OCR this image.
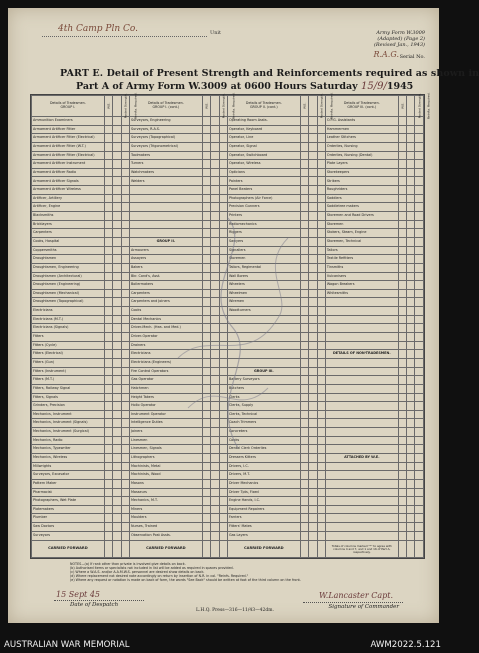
4th Camp Pln Co.	Unit	Army Form W.3009
(Adapted) (Page 2)
(Revised Jan., 1943)
R.A.G. Serial No.
PART E. Detail of Present Strength and Reinforcements required as shown in
Part A of Army Form W.3009 at 0600 Hours Saturday 15/9/1945
Details of Tradesmen.
GROUP I.	W.E.	Posted Strength.	Reinfts. Required.	Details of Tradesmen.
GROUP I. (cont.)	W.E.	Posted Strength.	Reinfts. Required.	Details of Tradesmen.
GROUP II. (cont.)	W.E.	Posted Strength.	Reinfts. Required.	Details of Tradesmen.
GROUP III. (cont.)	W.E.	Posted Strength.	Reinfts. Required.
Ammunition Examiners				Surveyors, Engineering				Operating Room Assts.				O.P.G. Assistants			
Armament Artificer Fitter				Surveyors, R.A.S.				Operator, Keyboard				Hammermen			
Armament Artificer Fitter (Electrical)				Surveyors (Topographical)				Operator, Line				Leather Stitchers			
Armament Artificer Fitter (W.T.)				Surveyors (Trigonometrical)				Operator, Signal				Orderlies, Nursing			
Armament Artificer Fitter (Electrical)				Toolmakers				Operator, Switchboard				Orderlies, Nursing (Dental)			
Armament Artificer Instrument				Turners				Operator, Wireless				Plate Layers			
Armament Artificer Radio				Watchmakers				Opticians				Storekeepers			
Armament Artificer Signals				Welders				Painters				Strikers			
Armament Artificer Wireless								Panel Beaters				Roughriders			
Artificer, Artillery								Photographers (Air Force)				Saddlers			
Artificer, Engine								Precision Gunners				Saddletree makers			
Blacksmiths								Printers				Storemen and Road Drivers			
Bricklayers								Radiomechanics				Storemen			
Carpenters								Riggers				Stokers, Steam, Engine			
Cooks, Hospital				GROUP II.				Sawyers				Storemen, Technical			
Coppersmiths				Armourers				Signallers				Tailors			
Draughtsmen				Assayers				Storemen				Textile Refitters			
Draughtsmen, Engineering				Bakers				Tailors, Regimental				Tinsmiths			
Draughtsmen (Architectural)				Bkr. Cond's, Asst.				Wall Borers				Vulcanisers			
Draughtsmen (Engineering)				Boilermakers				Wheelers				Wagon Breakers			
Draughtsmen (Mechanical)				Carpenters				Wheelmen				Whitesmiths			
Draughtsmen (Topographical)				Carpenters and Joiners				Wiremen							
Electricians				Cooks				Woodturners							
Electricians (M.T.)				Dental Mechanics											
Electricians (Signals)				Driver-Mech. (Hea. and Med.)											
Fitters				Driver-Operator											
Fitters (Cycle)				Drainers											
Fitters (Electrical)				Electricians								DETAILS OF NON-TRADESMEN.			
Fitters (Gun)				Electricians (Engineers)											
Fitters (Instrument)				Fire Control Operators				GROUP III.							
Fitters (M.T.)				Gas Operator				Battery Surveyors							
Fitters, Railway Signal				Hatchmen				Butchers							
Fitters, Signals				Height Takers				Clerks							
Grinders, Precision				Hollo Operator				Clerks, Supply							
Mechanics, Instrument				Instrument Operator				Clerks, Technical							
Mechanics, Instrument (Signals)				Intelligence Duties				Coach Trimmers							
Mechanics, Instrument (Surgical)				Joiners				Concreters							
Mechanics, Radio				Linesmen				Cooks							
Mechanics, Typewriter				Linesmen, Signals				Dental Clerk Orderlies							
Mechanics, Wireless				Lithographers				Dressers Kitters				ATTACHED BY W.E.			
Millwrights				Machinists, Metal				Drivers, I.C.							
Surveyors, Excavator				Machinists, Wood				Drivers, M.T.							
Pattern Maker				Masons				Driver Mechanics							
Pharmacist				Masseurs				Driver Tpts, Fixed							
Photographers, Wet Plate				Mechanics, M.T.				Engine Hands, I.C.							
Platemakers				Miners				Equipment Repairers							
Plumber				Moulders				Farriers							
Saw Doctors				Nurses, Trained				Fitters' Mates							
Surveyors				Observation Post Assts.				Gas Layers							
CARRIED FORWARD				CARRIED FORWARD				CARRIED FORWARD				Totals of columns marked "*" to agree with columns 4 and 7, and 1 and 16 of Part A, respectively.			
NOTES—(a) If rank other than private is involved give details on back.
(b) Authorised items or specialists not included in list will be added as required in spaces provided.
(c) Where a W.A.S. and/or A.A.M.W.S. personnel are desired show details on back.
(d) Where replacement not desired note accordingly on return by insertion of N.R. in col. "Reinfs. Required."
(e) Where any request or notation is made on back of form, the words "See Back" should be written at foot of the third column on the front.
15 Sept 45
Date of Despatch
L.H.Q. Press—316—11/43—42dm.
W.Lancaster Capt.
Signature of Commander
AUSTRALIAN WAR MEMORIAL	AWM2022.5.121
